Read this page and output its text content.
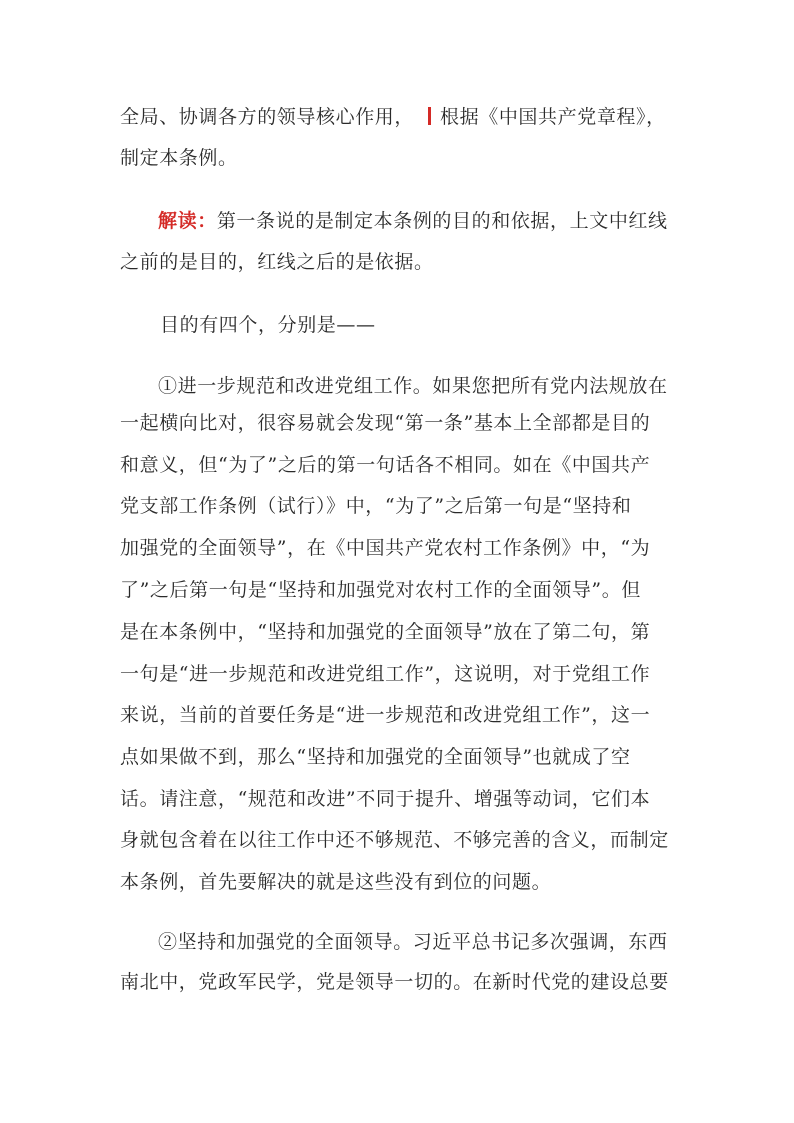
全局、协调各方的领导核心作用， 根据《中国共产党章程》，
制定本条例。
解读：第一条说的是制定本条例的目的和依据，上文中红线
之前的是目的，红线之后的是依据。
目的有四个，分别是——
①进一步规范和改进党组工作。如果您把所有党内法规放在
一起横向比对，很容易就会发现“第一条”基本上全部都是目的
和意义，但“为了”之后的第一句话各不相同。如在《中国共产
党支部工作条例（试行）》中，“为了”之后第一句是“坚持和
加强党的全面领导”，在《中国共产党农村工作条例》中，“为
了”之后第一句是“坚持和加强党对农村工作的全面领导”。但
是在本条例中，“坚持和加强党的全面领导”放在了第二句，第
一句是“进一步规范和改进党组工作”，这说明，对于党组工作
来说，当前的首要任务是“进一步规范和改进党组工作”，这一
点如果做不到，那么“坚持和加强党的全面领导”也就成了空
话。请注意，“规范和改进”不同于提升、增强等动词，它们本
身就包含着在以往工作中还不够规范、不够完善的含义，而制定
本条例，首先要解决的就是这些没有到位的问题。
②坚持和加强党的全面领导。习近平总书记多次强调，东西
南北中，党政军民学，党是领导一切的。在新时代党的建设总要
